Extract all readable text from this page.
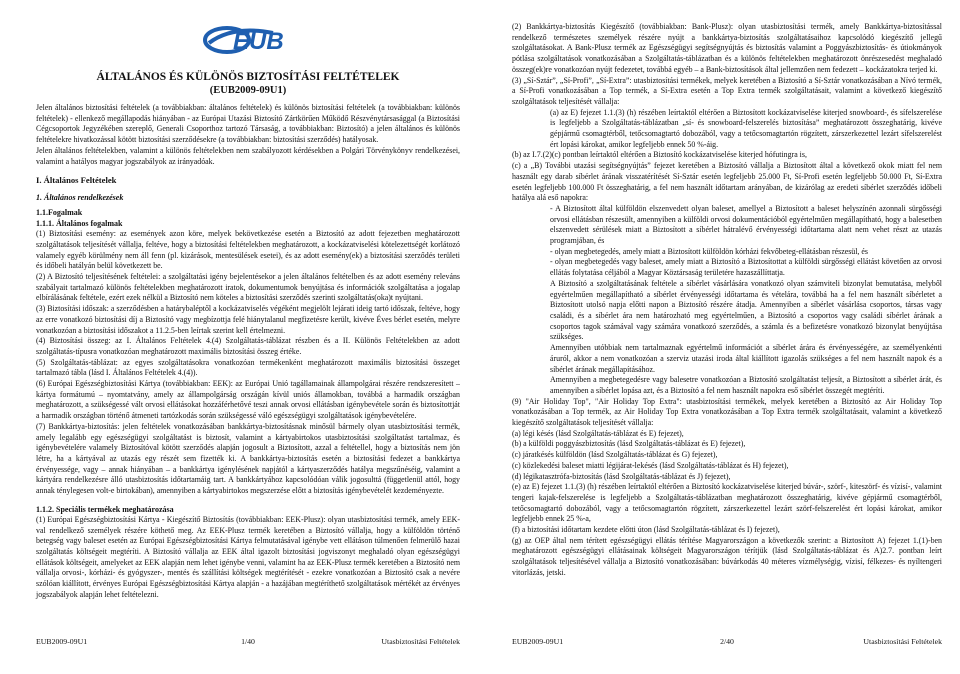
EUB
ÁLTALÁNOS ÉS KÜLÖNÖS BIZTOSÍTÁSI FELTÉTELEK
(EUB2009-09U1)

Jelen általános biztosítási feltételek (a továbbiakban: általános feltételek) és különös biztosítási feltételek (a továbbiakban: különös feltételek) - ellenkező megállapodás hiányában - az Európai Utazási Biztosító Zártkörűen Működő Részvénytársasággal (a Biztosítási Cégcsoportok Jegyzékében szereplő, Generali Csoporthoz tartozó Társaság, a továbbiakban: Biztosító) a jelen általános és különös feltételekre hivatkozással kötött biztosítási szerződésekre (a továbbiakban: biztosítási szerződés) hatályosak.

Jelen általános feltételekben, valamint a különös feltételekben nem szabályozott kérdésekben a Polgári Törvénykönyv rendelkezései, valamint a hatályos magyar jogszabályok az irányadóak.

I. Általános Feltételek
1. Általános rendelkezések
1.1.Fogalmak
1.1.1. Általános fogalmak

(1) Biztosítási esemény: az események azon köre, melyek bekövetkezése esetén a Biztosító az adott fejezetben meghatározott szolgáltatások teljesítését vállalja, feltéve, hogy a biztosítási feltételekben meghatározott, a kockázatviselési kötelezettségét korlátozó valamely egyéb körülmény nem áll fenn (pl. kizárások, mentesülések esetei), és az adott esemény(ek) a biztosítási szerződés területi és időbeli hatályán belül következett be.

(2) A Biztosító teljesítésének feltételei: a szolgáltatási igény bejelentésekor a jelen általános feltételben és az adott esemény releváns szabályait tartalmazó különös feltételekben meghatározott iratok, dokumentumok benyújtása és információk szolgáltatása a jogalap elbírálásának feltétele, ezért ezek nélkül a Biztosító nem köteles a biztosítási szerződés szerinti szolgáltatás(oka)t nyújtani.

(3) Biztosítási időszak: a szerződésben a határybaléptől a kockázatviselés végéként megjelölt lejárati ideig tartó időszak, feltéve, hogy az erre vonatkozó biztosítási díj a Biztosító vagy megbízottja felé hiánytalanul megfizetésre került, kivéve Éves bérlet esetén, melyre vonatkozóan a biztosítási időszakot a 11.2.5-ben leírtak szerint kell értelmezni.

(4) Biztosítási összeg: az I. Általános Feltételek 4.(4) Szolgáltatás-táblázat részben és a II. Különös Feltételekben az adott szolgáltatás-típusra vonatkozóan meghatározott maximális biztosítási összeg értéke.

(5) Szolgáltatás-táblázat: az egyes szolgáltatásokra vonatkozóan termékenként meghatározott maximális biztosítási összeget tartalmazó tábla (lásd I. Általános Feltételek 4.(4)).

(6) Európai Egészségbiztosítási Kártya (továbbiakban: EEK): az Európai Unió tagállamainak állampolgárai részére rendszeresített – kártya formátumú – nyomtatvány, amely az állampolgárság országán kívül uniós államokban, továbbá a harmadik országban meghatározott, a szükségessé vált orvosi ellátásokat hozzáférhetővé teszi annak orvosi ellátásban igénybevétele során és biztosítottját a harmadik országban történő átmeneti tartózkodás során szükségessé váló egészségügyi szolgáltatások igénybevételére.

(7) Bankkártya-biztosítás: jelen feltételek vonatkozásában bankkártya-biztosításnak minősül bármely olyan utasbiztosítási termék, amely legalább egy egészségügyi szolgáltatást is biztosít, valamint a kártyabirtokos utasbiztosítási szolgáltatást tartalmaz, és igénybevételére valamely Biztosítóval kötött szerződés alapján jogosult a Biztosított, azzal a feltétellel, hogy a biztosítás nem jön létre, ha a kártyával az utazás egy részét sem fizették ki. A bankkártya-biztosítás esetén a biztosítási fedezet a bankkártya érvényessége, vagy – annak hiányában – a bankkártya igénylésének napjától a kártyaszerződés hatálya megszűnéséig, valamint a kártyára rendelkezésre álló utasbiztosítás időtartamáig tart. A bankkártyához kapcsolódóan válik jogosulttá (függetlenül attól, hogy annak ténylegesen volt-e birtokában), amennyiben a kártyabirtokos megszerzése előtt a biztosítás igénybevételét kezdeményezte.

1.1.2. Speciális termékek meghatározása

(1) Európai Egészségbiztosítási Kártya - Kiegészítő Biztosítás (továbbiakban: EEK-Plusz): olyan utasbiztosítási termék, amely EEK-val rendelkező személyek részére köthető meg. Az EEK-Plusz termék keretében a Biztosító vállalja, hogy a külföldön történő betegség vagy baleset esetén az Európai Egészségbiztosítási Kártya felmutatásával igénybe vett ellátáson túlmenően felmerülő hazai szolgáltatás költségeit megtéríti. A Biztosító vállalja az EEK által igazolt biztosítási jogviszonyt meghaladó olyan egészségügyi ellátások költségeit, amelyeket az EEK alapján nem lehet igénybe venni, valamint ha az EEK-Plusz termék keretében a Biztosító nem vállalja orvosi-, kórházi- és gyógyszer-, mentés és szállítási költségek megtérítését - ezekre vonatkozóan a Biztosító csak a nevére szólóan kiállított, érvényes Európai Egészségbiztosítási Kártya alapján - a hazájában megtéríthető szolgáltatások mértékét az érvényes jogszabályok alapján lehet feltételezni.

EUB2009-09U1	1/40	Utasbiztosítási Feltételek

(2) Bankkártya-biztosítás Kiegészítő (továbbiakban: Bank-Plusz): olyan utasbiztosítási termék, amely Bankkártya-biztosítással rendelkező természetes személyek részére nyújt a bankkártya-biztosítás szolgáltatásaihoz kapcsolódó kiegészítő jellegű szolgáltatásokat. A Bank-Plusz termék az Egészségügyi segítségnyújtás és biztosítás valamint a Poggyászbiztosítás- és útiokmányok pótlása szolgáltatások vonatkozásában a Szolgáltatás-táblázatban és a különös feltételekben meghatározott önrészesedést meghaladó összeg(ek)re vonatkozóan nyújt fedezetet, továbbá egyéb – a Bank-biztosítások által jellemzően nem fedezett – kockázatokra terjed ki.

(3) „Sí-Sztár”, „Sí-Profi”, „Sí-Extra”: utasbiztosítási termékek, melyek keretében a Biztosító a Sí-Sztár vonatkozásában a Nívó termék, a Sí-Profi vonatkozásában a Top termék, a Sí-Extra esetén a Top Extra termék szolgáltatásait, valamint a következő kiegészítő szolgáltatások teljesítését vállalja:

(a) az E) fejezet 1.1.(3) (h) részében leírtaktól eltérően a Biztosított kockázatviselése kiterjed snowboard-, és sífelszerelése is legfeljebb a Szolgáltatás-táblázatban „sí- és snowboard-felszerelés biztosítása” meghatározott összeghatárig, kivéve gépjármű csomagtérből, tetőcsomagtartó dobozából, vagy a tetőcsomagtartón rögzített, zárszerkezettel lezárt sífelszerelést ért lopási károkat, amikor legfeljebb ennek 50 %-áig.

(b) az I.7.(2)(c) pontban leírtaktól eltérően a Biztosító kockázatviselése kiterjed hófutingra is,

(c) a „B) További utazási segítségnyújtás” fejezet keretében a Biztosító vállalja a Biztosított által a következő okok miatt fel nem használt egy darab síbérlet árának visszatérítését Sí-Sztár esetén legfeljebb 25.000 Ft, Sí-Profi esetén legfeljebb 50.000 Ft, Sí-Extra esetén legfeljebb 100.000 Ft összeghatárig, a fel nem használt időtartam arányában, de kizárólag az eredeti síbérlet szerződés időbeli hatálya alá eső napokra:

- A Biztosított által külföldön elszenvedett olyan baleset, amellyel a Biztosított a baleset helyszínén azonnali sürgősségi orvosi ellátásban részesült, amennyiben a külföldi orvosi dokumentációból egyértelműen megállapítható, hogy a balesetben elszenvedett sérülések miatt a Biztosított a síbérlet hátralévő érvényességi időtartama alatt nem vehet részt az utazás programjában, és

- olyan megbetegedés, amely miatt a Biztosított külföldön kórházi fekvőbeteg-ellátásban részesül, és

- olyan megbetegedés vagy baleset, amely miatt a Biztosító a Biztosítottat a külföldi sürgősségi ellátást követően az orvosi ellátás folytatása céljából a Magyar Köztársaság területére hazaszállíttatja.

A Biztosító a szolgáltatásának feltétele a síbérlet vásárlására vonatkozó olyan számviteli bizonylat bemutatása, melyből egyértelműen megállapítható a síbérlet érvényességi időtartama és vételára, továbbá ha a fel nem használt síbérletet a Biztosított utolsó napja előtti napon a Biztosító részére átadja. Amennyiben a síbérlet vásárlása csoportos, társas vagy családi, és a síbérlet ára nem határozható meg egyértelműen, a Biztosító a csoportos vagy családi síbérlet árának a csoportos tagok számával vagy számára vonatkozó szerződés, a számla és a befizetésre vonatkozó bizonylat benyújtása szükséges.

Amennyiben utóbbiak nem tartalmaznak egyértelmű információt a síbérlet árára és érvényességére, az személyenkénti áruról, akkor a nem vonatkozóan a szerviz utazási iroda által kiállított igazolás szükséges a fel nem használt napok és a síbérlet árának megállapításához.

Amennyiben a megbetegedésre vagy balesetre vonatkozóan a Biztosító szolgáltatást teljesít, a Biztosított a síbérlet árát, és amennyiben a síbérlet lopása azt, és a Biztosító a fel nem használt napokra eső síbérlet összegét megtéríti.

(9) "Air Holiday Top", "Air Holiday Top Extra": utasbiztosítási termékek, melyek keretében a Biztosító az Air Holiday Top vonatkozásában a Top termék, az Air Holiday Top Extra vonatkozásában a Top Extra termék szolgáltatásait, valamint a következő kiegészítő szolgáltatások teljesítését vállalja:

(a) légi késés (lásd Szolgáltatás-táblázat és E) fejezet),

(b) a külföldi poggyászbiztosítás (lásd Szolgáltatás-táblázat és E) fejezet),

(c) járatkésés külföldön (lásd Szolgáltatás-táblázat és G) fejezet),

(c) közlekedési baleset miatti légijárat-lekésés (lásd Szolgáltatás-táblázat és H) fejezet),

(d) légikatasztrófa-biztosítás (lásd Szolgáltatás-táblázat és J) fejezet),

(e) az E) fejezet 1.1.(3) (h) részében leírtaktól eltérően a Biztosító kockázatviselése kiterjed búvár-, szörf-, kiteszörf- és vízisí-, valamint tengeri kajak-felszerelése is legfeljebb a Szolgáltatás-táblázatban meghatározott összeghatárig, kivéve gépjármű csomagtérből, tetőcsomagtartó dobozából, vagy a tetőcsomagtartón rögzített, zárszerkezettel lezárt szörf-felszerelést ért lopási károkat, amikor legfeljebb ennek 25 %-a,

(f) a biztosítási időtartam kezdete előtti úton (lásd Szolgáltatás-táblázat és I) fejezet),

(g) az OEP által nem térített egészségügyi ellátás térítése Magyarországon a következők szerint: a Biztosított A) fejezet 1.(1)-ben meghatározott egészségügyi ellátásainak költségeit Magyarországon térítjük (lásd Szolgáltatás-táblázat és A)2.7. pontban leírt szolgáltatások teljesítésével vállalja a Biztosító vonatkozásában: búvárkodás 40 méteres vízmélységig, vízisí, félkezes- és nyíltengeri vitorlázás, jetski.

EUB2009-09U1	2/40	Utasbiztosítási Feltételek
